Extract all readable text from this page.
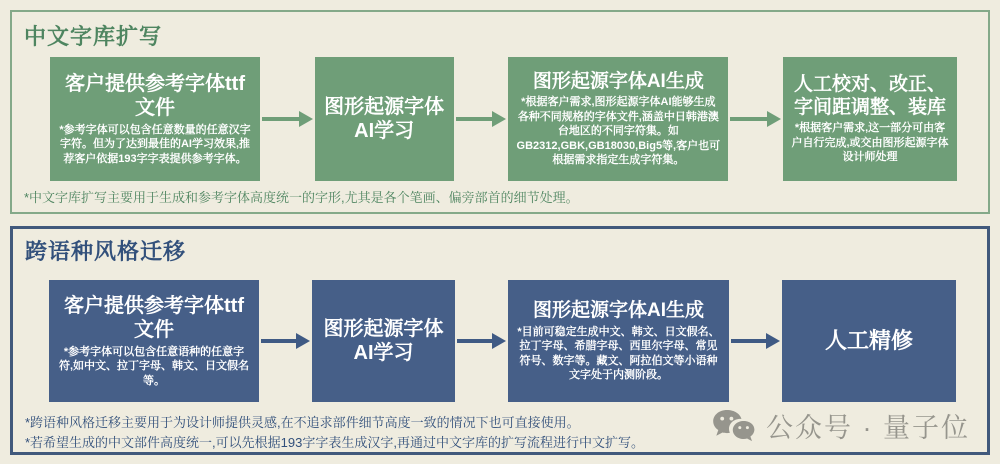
中文字库扩写
客户提供参考字体ttf文件
*参考字体可以包含任意数量的任意汉字字符。但为了达到最佳的AI学习效果,推荐客户依据193字字表提供参考字体。
图形起源字体AI学习
图形起源字体AI生成
*根据客户需求,图形起源字体AI能够生成各种不同规格的字体文件,涵盖中日韩港澳台地区的不同字符集。如GB2312,GBK,GB18030,Big5等,客户也可根据需求指定生成字符集。
人工校对、改正、字间距调整、装库
*根据客户需求,这一部分可由客户自行完成,或交由图形起源字体设计师处理
*中文字库扩写主要用于生成和参考字体高度统一的字形,尤其是各个笔画、偏旁部首的细节处理。
跨语种风格迁移
客户提供参考字体ttf文件
*参考字体可以包含任意语种的任意字符,如中文、拉丁字母、韩文、日文假名等。
图形起源字体AI学习
图形起源字体AI生成
*目前可稳定生成中文、韩文、日文假名、拉丁字母、希腊字母、西里尔字母、常见符号、数字等。藏文、阿拉伯文等小语种文字处于内测阶段。
人工精修
*跨语种风格迁移主要用于为设计师提供灵感,在不追求部件细节高度一致的情况下也可直接使用。
*若希望生成的中文部件高度统一,可以先根据193字字表生成汉字,再通过中文字库的扩写流程进行中文扩写。	公众号 · 量子位
